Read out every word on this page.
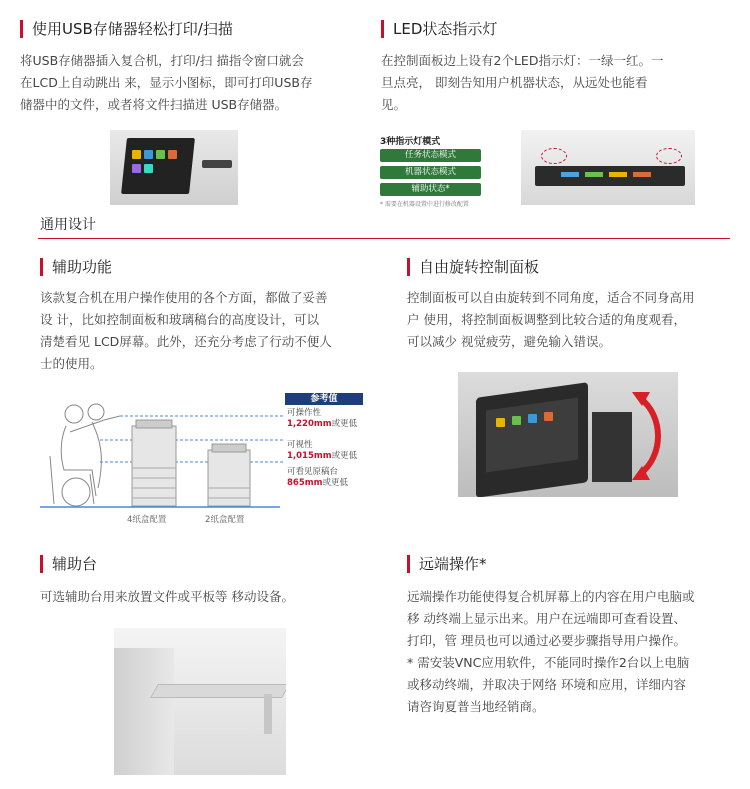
使用USB存储器轻松打印/扫描
将USB存储器插入复合机，打印/扫 描指令窗口就会
在LCD上自动跳出 来，显示小图标，即可打印USB存
储器中的文件，或者将文件扫描进 USB存储器。
LED状态指示灯
在控制面板边上设有2个LED指示灯：一绿一红。一
旦点亮， 即刻告知用户机器状态，从远处也能看
见。
3种指示灯模式
任务状态模式
机器状态模式
辅助状态*
* 需要在机器设置中进行修改配置
通用设计
辅助功能
该款复合机在用户操作使用的各个方面，都做了妥善
设 计，比如控制面板和玻璃稿台的高度设计，可以
清楚看见 LCD屏幕。此外，还充分考虑了行动不便人
士的使用。
参考值
可操作性
1,220mm或更低
可视性
1,015mm或更低
可看见原稿台
865mm或更低
4纸盒配置	2纸盒配置
自由旋转控制面板
控制面板可以自由旋转到不同角度，适合不同身高用
户 使用，将控制面板调整到比较合适的角度观看，
可以减少 视觉疲劳，避免输入错误。
辅助台
可选辅助台用来放置文件或平板等 移动设备。
远端操作*
远端操作功能使得复合机屏幕上的内容在用户电脑或
移 动终端上显示出来。用户在远端即可查看设置、
打印，管 理员也可以通过必要步骤指导用户操作。
* 需安装VNC应用软件，不能同时操作2台以上电脑
或移动终端，并取决于网络 环境和应用，详细内容
请咨询夏普当地经销商。
